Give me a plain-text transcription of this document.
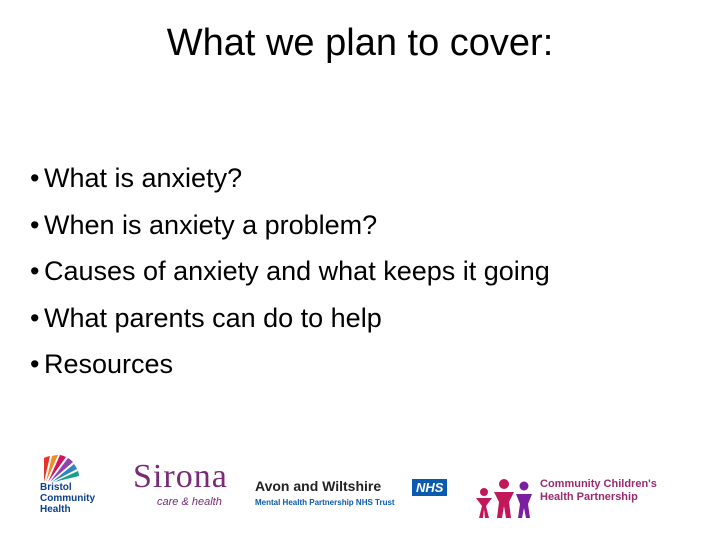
What we plan to cover:
• What is anxiety?
• When is anxiety a problem?
• Causes of anxiety and what keeps it going
• What parents can do to help
• Resources
Bristol
Community
Health
Sirona
care & health
Avon and Wiltshire	NHS
Mental Health Partnership NHS Trust
Community Children's
Health Partnership
